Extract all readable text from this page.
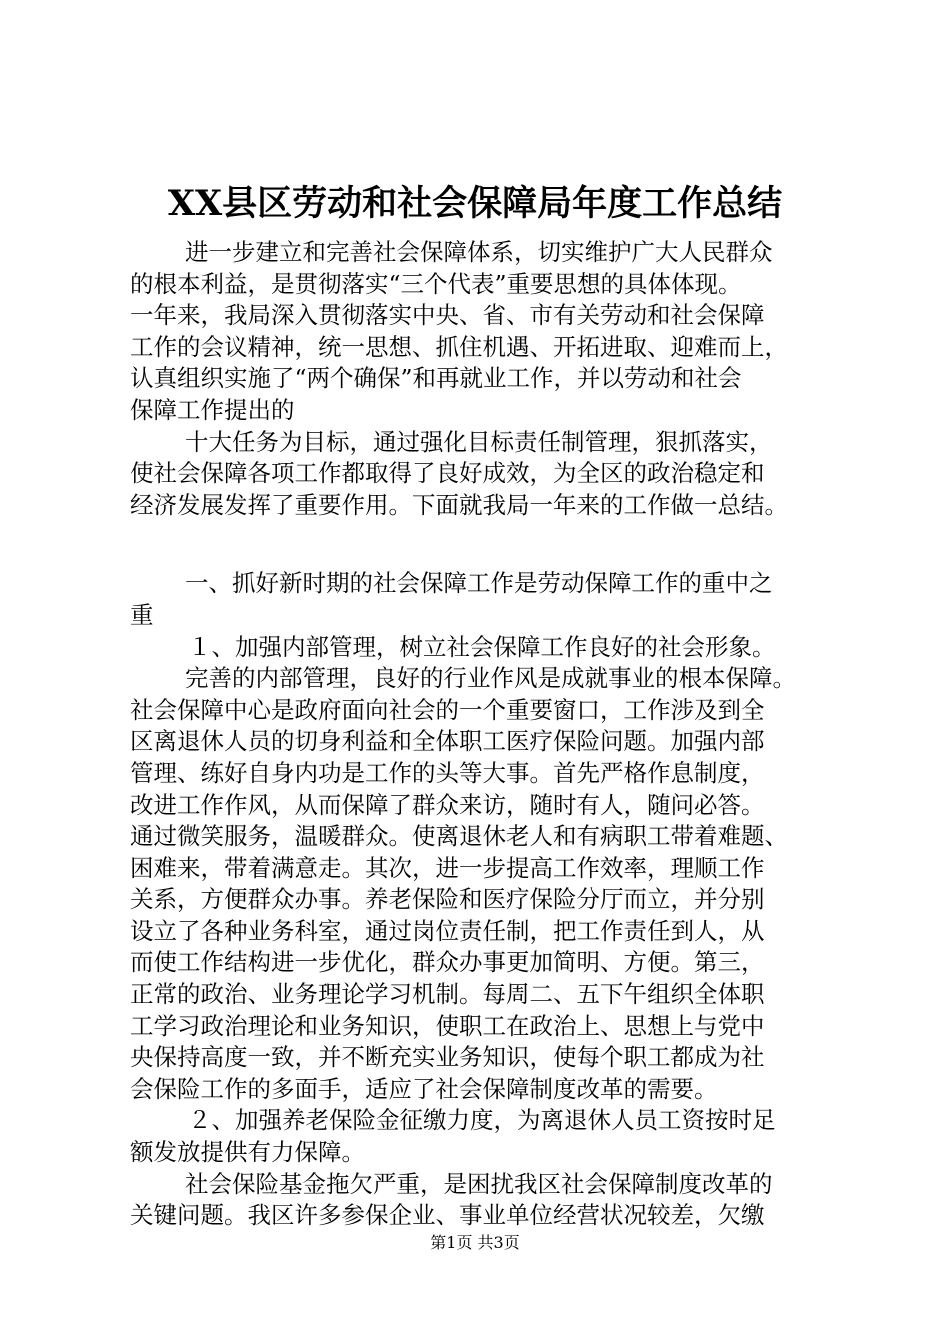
XX县区劳动和社会保障局年度工作总结
进一步建立和完善社会保障体系，切实维护广大人民群众
的根本利益，是贯彻落实“三个代表”重要思想的具体体现。
一年来，我局深入贯彻落实中央、省、市有关劳动和社会保障
工作的会议精神，统一思想、抓住机遇、开拓进取、迎难而上，
认真组织实施了“两个确保”和再就业工作，并以劳动和社会
保障工作提出的
十大任务为目标，通过强化目标责任制管理，狠抓落实，
使社会保障各项工作都取得了良好成效，为全区的政治稳定和
经济发展发挥了重要作用。下面就我局一年来的工作做一总结。
一、抓好新时期的社会保障工作是劳动保障工作的重中之
重
１、加强内部管理，树立社会保障工作良好的社会形象。
完善的内部管理，良好的行业作风是成就事业的根本保障。
社会保障中心是政府面向社会的一个重要窗口，工作涉及到全
区离退休人员的切身利益和全体职工医疗保险问题。加强内部
管理、练好自身内功是工作的头等大事。首先严格作息制度，
改进工作作风，从而保障了群众来访，随时有人，随问必答。
通过微笑服务，温暖群众。使离退休老人和有病职工带着难题、
困难来，带着满意走。其次，进一步提高工作效率，理顺工作
关系，方便群众办事。养老保险和医疗保险分厅而立，并分别
设立了各种业务科室，通过岗位责任制，把工作责任到人，从
而使工作结构进一步优化，群众办事更加简明、方便。第三，
正常的政治、业务理论学习机制。每周二、五下午组织全体职
工学习政治理论和业务知识，使职工在政治上、思想上与党中
央保持高度一致，并不断充实业务知识，使每个职工都成为社
会保险工作的多面手，适应了社会保障制度改革的需要。
２、加强养老保险金征缴力度，为离退休人员工资按时足
额发放提供有力保障。
社会保险基金拖欠严重，是困扰我区社会保障制度改革的
关键问题。我区许多参保企业、事业单位经营状况较差，欠缴
第1页 共3页
